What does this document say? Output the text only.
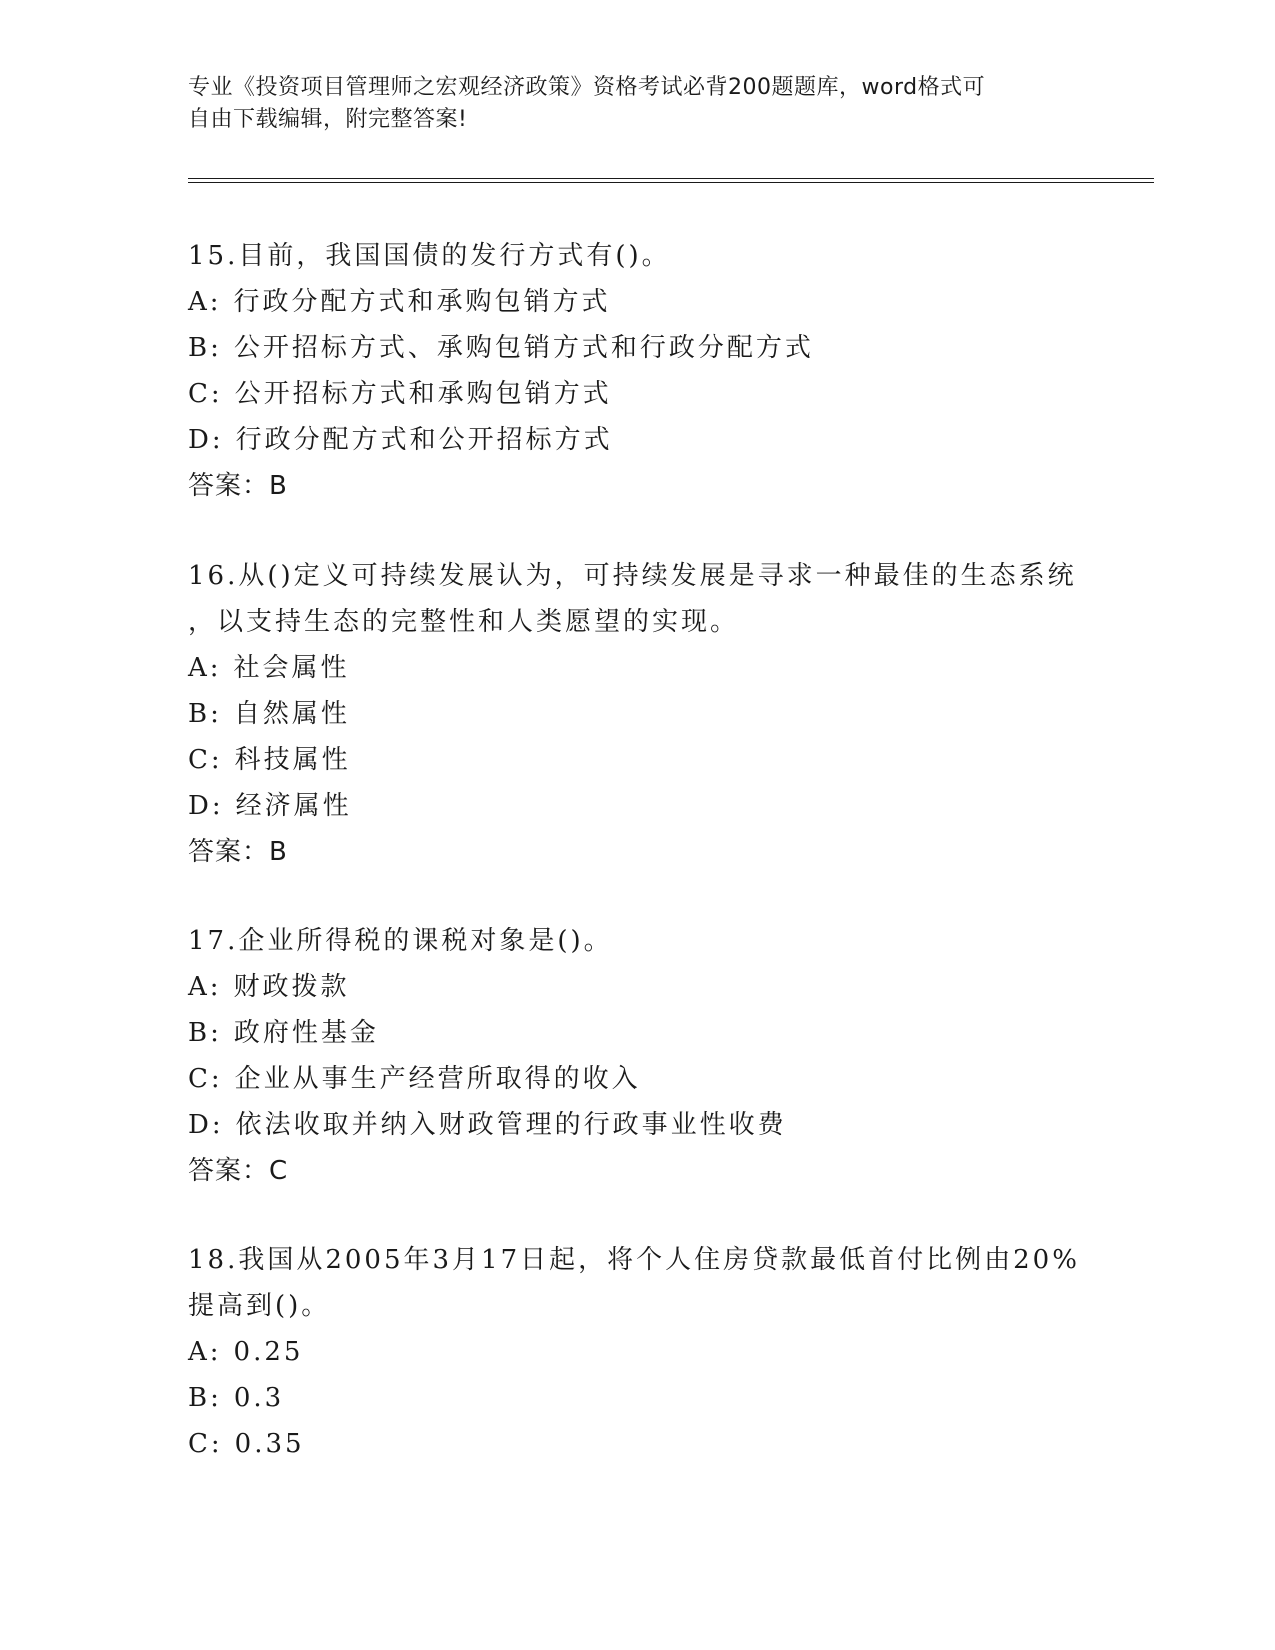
专业《投资项目管理师之宏观经济政策》资格考试必背200题题库，word格式可
自由下载编辑，附完整答案!

15.目前，我国国债的发行方式有()。

A: 行政分配方式和承购包销方式

B: 公开招标方式、承购包销方式和行政分配方式

C: 公开招标方式和承购包销方式

D: 行政分配方式和公开招标方式

答案：B

16.从()定义可持续发展认为，可持续发展是寻求一种最佳的生态系统

，以支持生态的完整性和人类愿望的实现。

A: 社会属性

B: 自然属性

C: 科技属性

D: 经济属性

答案：B

17.企业所得税的课税对象是()。

A: 财政拨款

B: 政府性基金

C: 企业从事生产经营所取得的收入

D: 依法收取并纳入财政管理的行政事业性收费

答案：C

18.我国从2005年3月17日起，将个人住房贷款最低首付比例由20%

提高到()。

A: 0.25

B: 0.3

C: 0.35
